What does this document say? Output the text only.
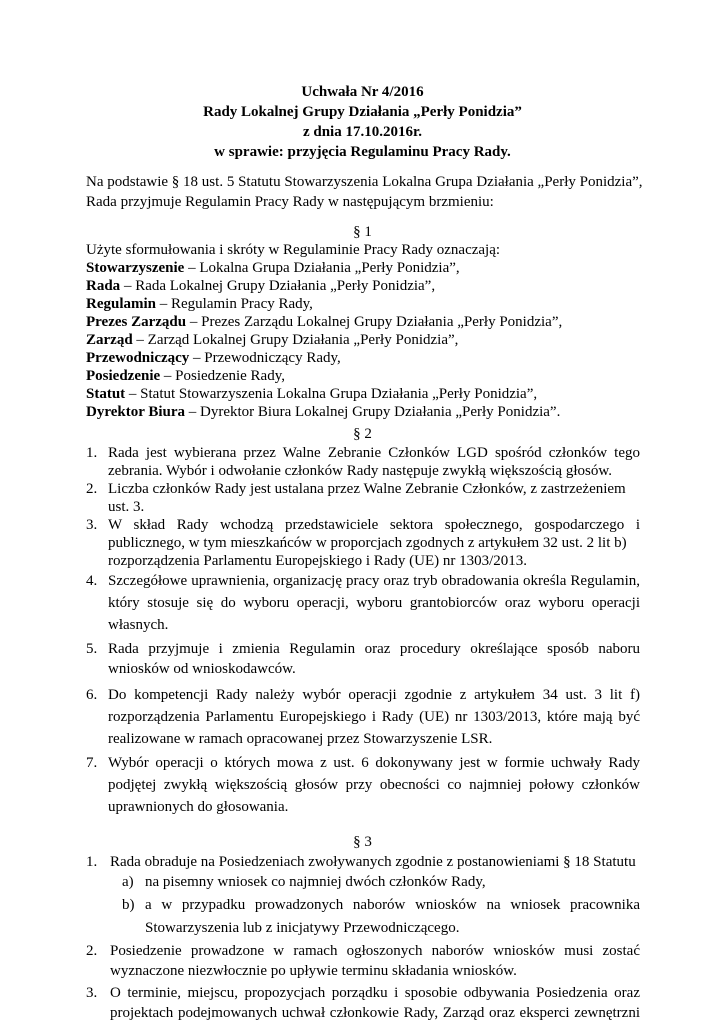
Uchwała Nr 4/2016
Rady Lokalnej Grupy Działania „Perły Ponidzia”
z dnia 17.10.2016r.
w sprawie: przyjęcia Regulaminu Pracy Rady.
Na podstawie § 18 ust. 5 Statutu Stowarzyszenia Lokalna Grupa Działania „Perły Ponidzia”,
Rada przyjmuje Regulamin Pracy Rady w następującym brzmieniu:
§ 1
Użyte sformułowania i skróty w Regulaminie Pracy Rady oznaczają:
Stowarzyszenie – Lokalna Grupa Działania „Perły Ponidzia”,
Rada – Rada Lokalnej Grupy Działania „Perły Ponidzia”,
Regulamin – Regulamin Pracy Rady,
Prezes Zarządu – Prezes Zarządu Lokalnej Grupy Działania „Perły Ponidzia”,
Zarząd – Zarząd Lokalnej Grupy Działania „Perły Ponidzia”,
Przewodniczący – Przewodniczący Rady,
Posiedzenie – Posiedzenie Rady,
Statut – Statut Stowarzyszenia Lokalna Grupa Działania „Perły Ponidzia”,
Dyrektor Biura – Dyrektor Biura Lokalnej Grupy Działania „Perły Ponidzia”.
§ 2
1. Rada jest wybierana przez Walne Zebranie Członków LGD spośród członków tego
zebrania. Wybór i odwołanie członków Rady następuje zwykłą większością głosów.
2. Liczba członków Rady jest ustalana przez Walne Zebranie Członków, z zastrzeżeniem
ust. 3.
3. W skład Rady wchodzą przedstawiciele sektora społecznego, gospodarczego i
publicznego, w tym mieszkańców w proporcjach zgodnych z artykułem 32 ust. 2 lit b)
rozporządzenia Parlamentu Europejskiego i Rady (UE) nr 1303/2013.
4. Szczegółowe uprawnienia, organizację pracy oraz tryb obradowania określa Regulamin,
który stosuje się do wyboru operacji, wyboru grantobiorców oraz wyboru operacji
własnych.
5. Rada przyjmuje i zmienia Regulamin oraz procedury określające sposób naboru
wniosków od wnioskodawców.
6. Do kompetencji Rady należy wybór operacji zgodnie z artykułem 34 ust. 3 lit f)
rozporządzenia Parlamentu Europejskiego i Rady (UE) nr 1303/2013, które mają być
realizowane w ramach opracowanej przez Stowarzyszenie LSR.
7. Wybór operacji o których mowa z ust. 6 dokonywany jest w formie uchwały Rady
podjętej zwykłą większością głosów przy obecności co najmniej połowy członków
uprawnionych do głosowania.
§ 3
1. Rada obraduje na Posiedzeniach zwoływanych zgodnie z postanowieniami § 18 Statutu
a) na pisemny wniosek co najmniej dwóch członków Rady,
b) a w przypadku prowadzonych naborów wniosków na wniosek pracownika
Stowarzyszenia lub z inicjatywy Przewodniczącego.
2. Posiedzenie prowadzone w ramach ogłoszonych naborów wniosków musi zostać
wyznaczone niezwłocznie po upływie terminu składania wniosków.
3. O terminie, miejscu, propozycjach porządku i sposobie odbywania Posiedzenia oraz
projektach podejmowanych uchwał członkowie Rady, Zarząd oraz eksperci zewnętrzni
